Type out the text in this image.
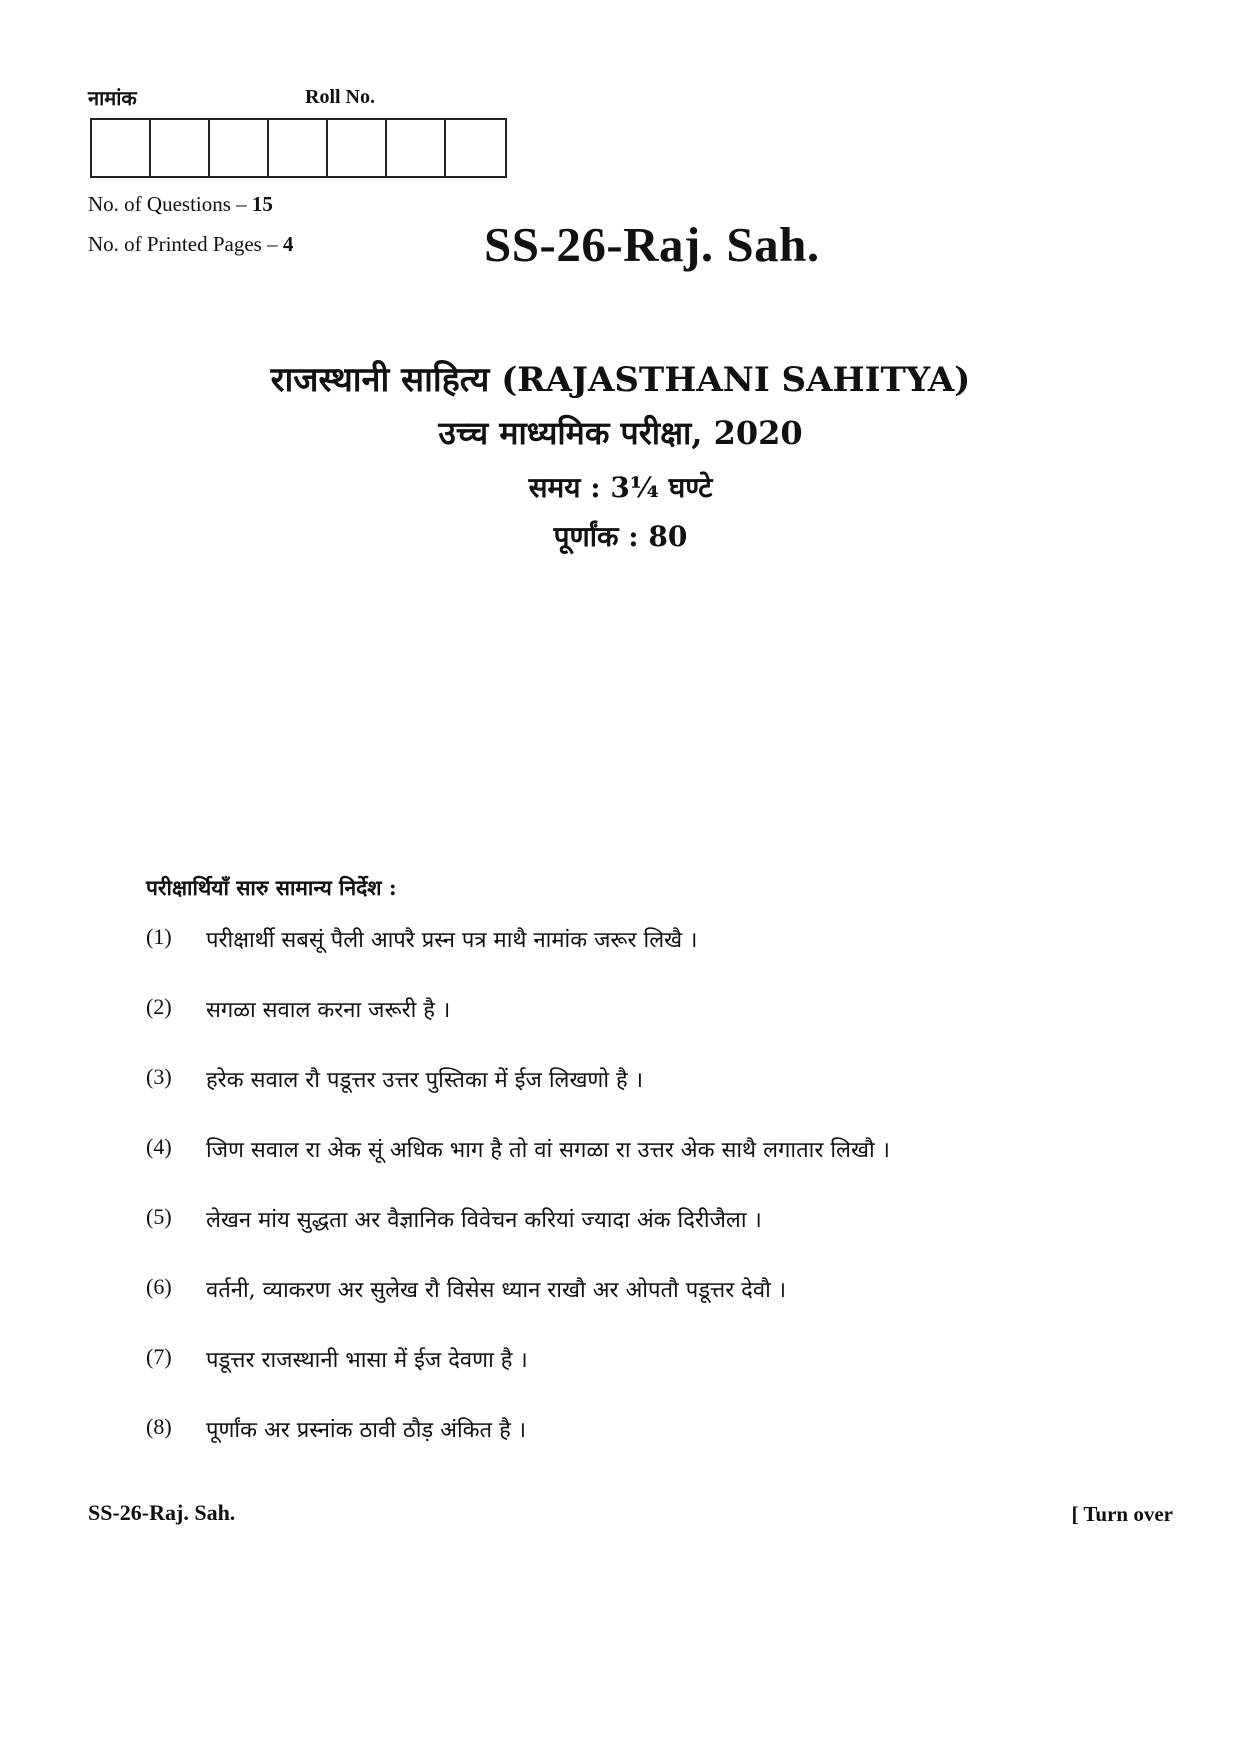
नामांक	Roll No.
No. of Questions – 15
No. of Printed Pages – 4	SS-26-Raj. Sah.
राजस्थानी साहित्य (RAJASTHANI SAHITYA)
उच्च माध्यमिक परीक्षा, 2020
समय : 3¼ घण्टे
पूर्णांक : 80
परीक्षार्थियाँ सारु सामान्य निर्देश :
(1)	परीक्षार्थी सबसूं पैली आपरै प्रस्न पत्र माथै नामांक जरूर लिखै ।
(2)	सगळा सवाल करना जरूरी है ।
(3)	हरेक सवाल रौ पडूत्तर उत्तर पुस्तिका में ईज लिखणो है ।
(4)	जिण सवाल रा अेक सूं अधिक भाग है तो वां सगळा रा उत्तर अेक साथै लगातार लिखौ ।
(5)	लेखन मांय सुद्धता अर वैज्ञानिक विवेचन करियां ज्यादा अंक दिरीजैला ।
(6)	वर्तनी, व्याकरण अर सुलेख रौ विसेस ध्यान राखौ अर ओपतौ पडूत्तर देवौ ।
(7)	पडूत्तर राजस्थानी भासा में ईज देवणा है ।
(8)	पूर्णांक अर प्रस्नांक ठावी ठौड़ अंकित है ।
SS-26-Raj. Sah.	[ Turn over
